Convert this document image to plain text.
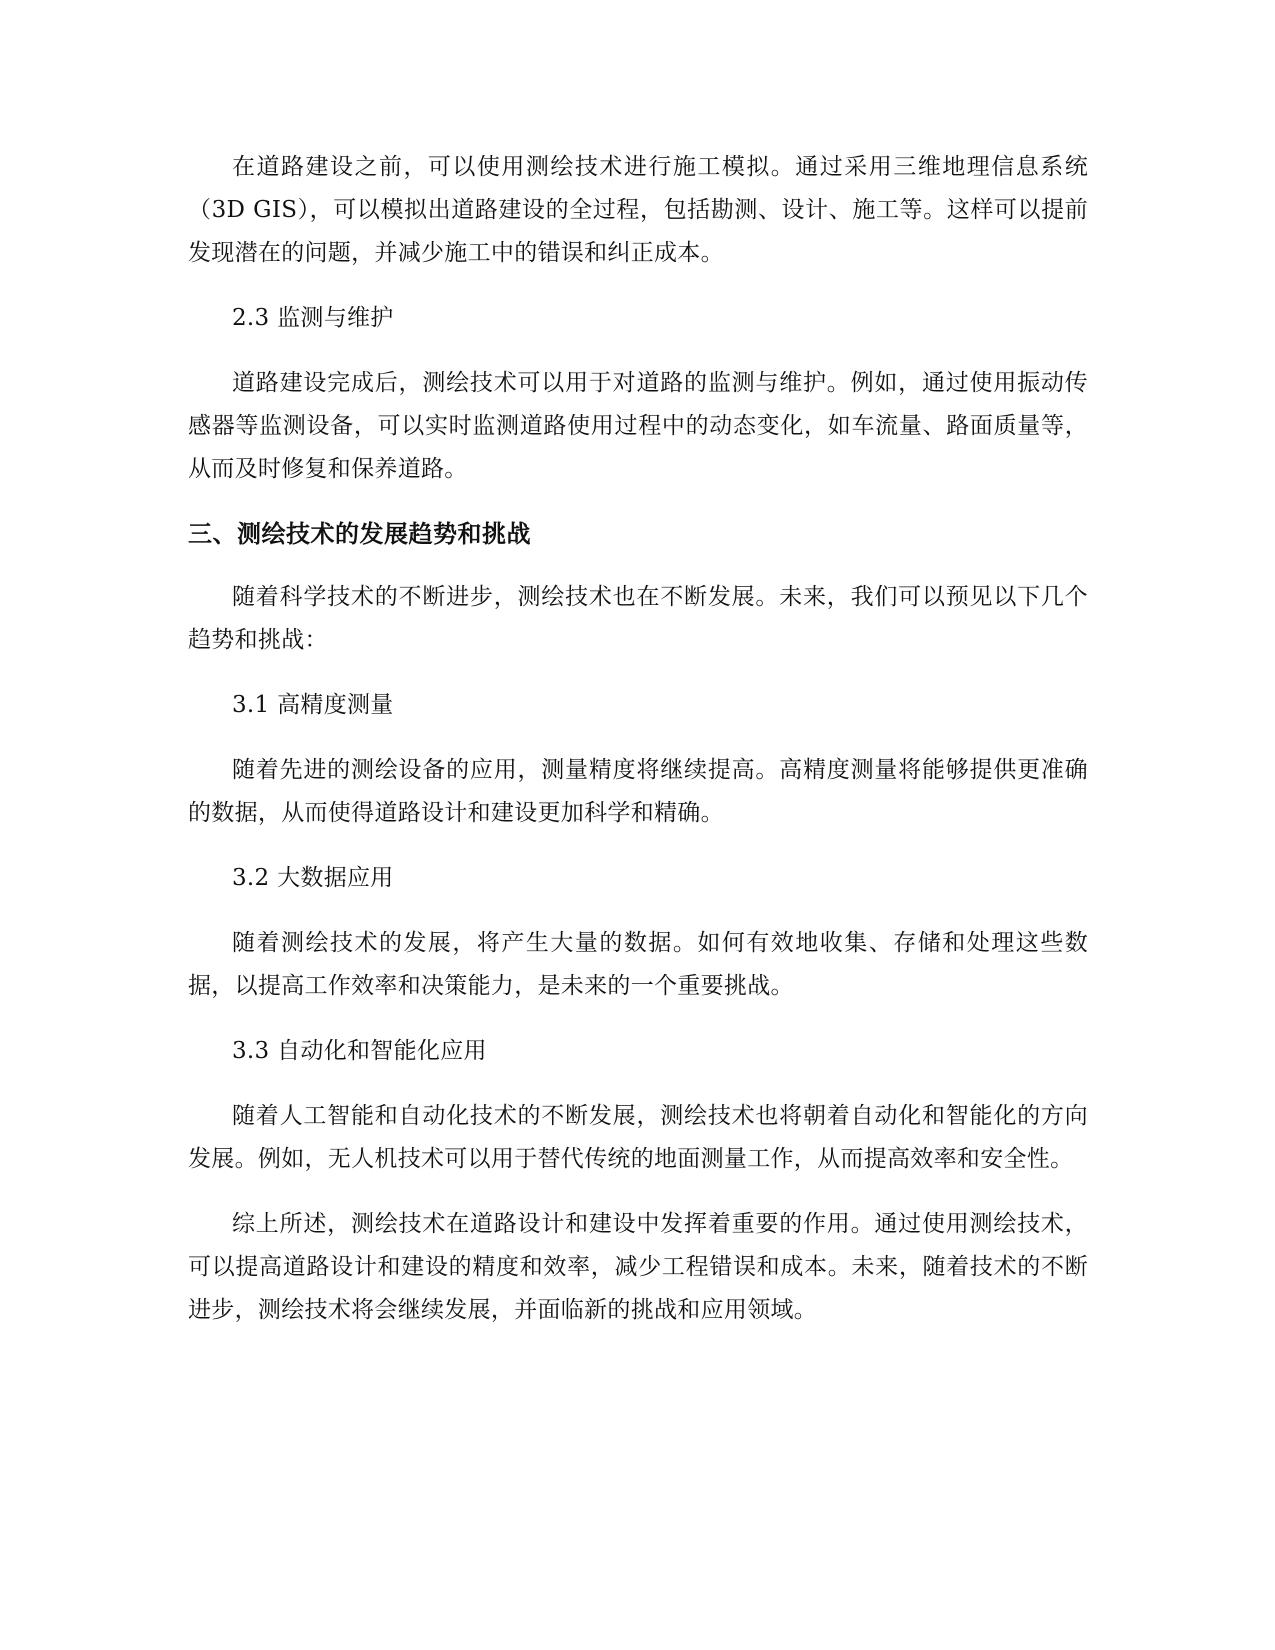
在道路建设之前，可以使用测绘技术进行施工模拟。通过采用三维地理信息系统（3D GIS），可以模拟出道路建设的全过程，包括勘测、设计、施工等。这样可以提前发现潜在的问题，并减少施工中的错误和纠正成本。

2.3 监测与维护

道路建设完成后，测绘技术可以用于对道路的监测与维护。例如，通过使用振动传感器等监测设备，可以实时监测道路使用过程中的动态变化，如车流量、路面质量等，从而及时修复和保养道路。

三、测绘技术的发展趋势和挑战

随着科学技术的不断进步，测绘技术也在不断发展。未来，我们可以预见以下几个趋势和挑战：

3.1 高精度测量

随着先进的测绘设备的应用，测量精度将继续提高。高精度测量将能够提供更准确的数据，从而使得道路设计和建设更加科学和精确。

3.2 大数据应用

随着测绘技术的发展，将产生大量的数据。如何有效地收集、存储和处理这些数据，以提高工作效率和决策能力，是未来的一个重要挑战。

3.3 自动化和智能化应用

随着人工智能和自动化技术的不断发展，测绘技术也将朝着自动化和智能化的方向发展。例如，无人机技术可以用于替代传统的地面测量工作，从而提高效率和安全性。

综上所述，测绘技术在道路设计和建设中发挥着重要的作用。通过使用测绘技术，可以提高道路设计和建设的精度和效率，减少工程错误和成本。未来，随着技术的不断进步，测绘技术将会继续发展，并面临新的挑战和应用领域。
